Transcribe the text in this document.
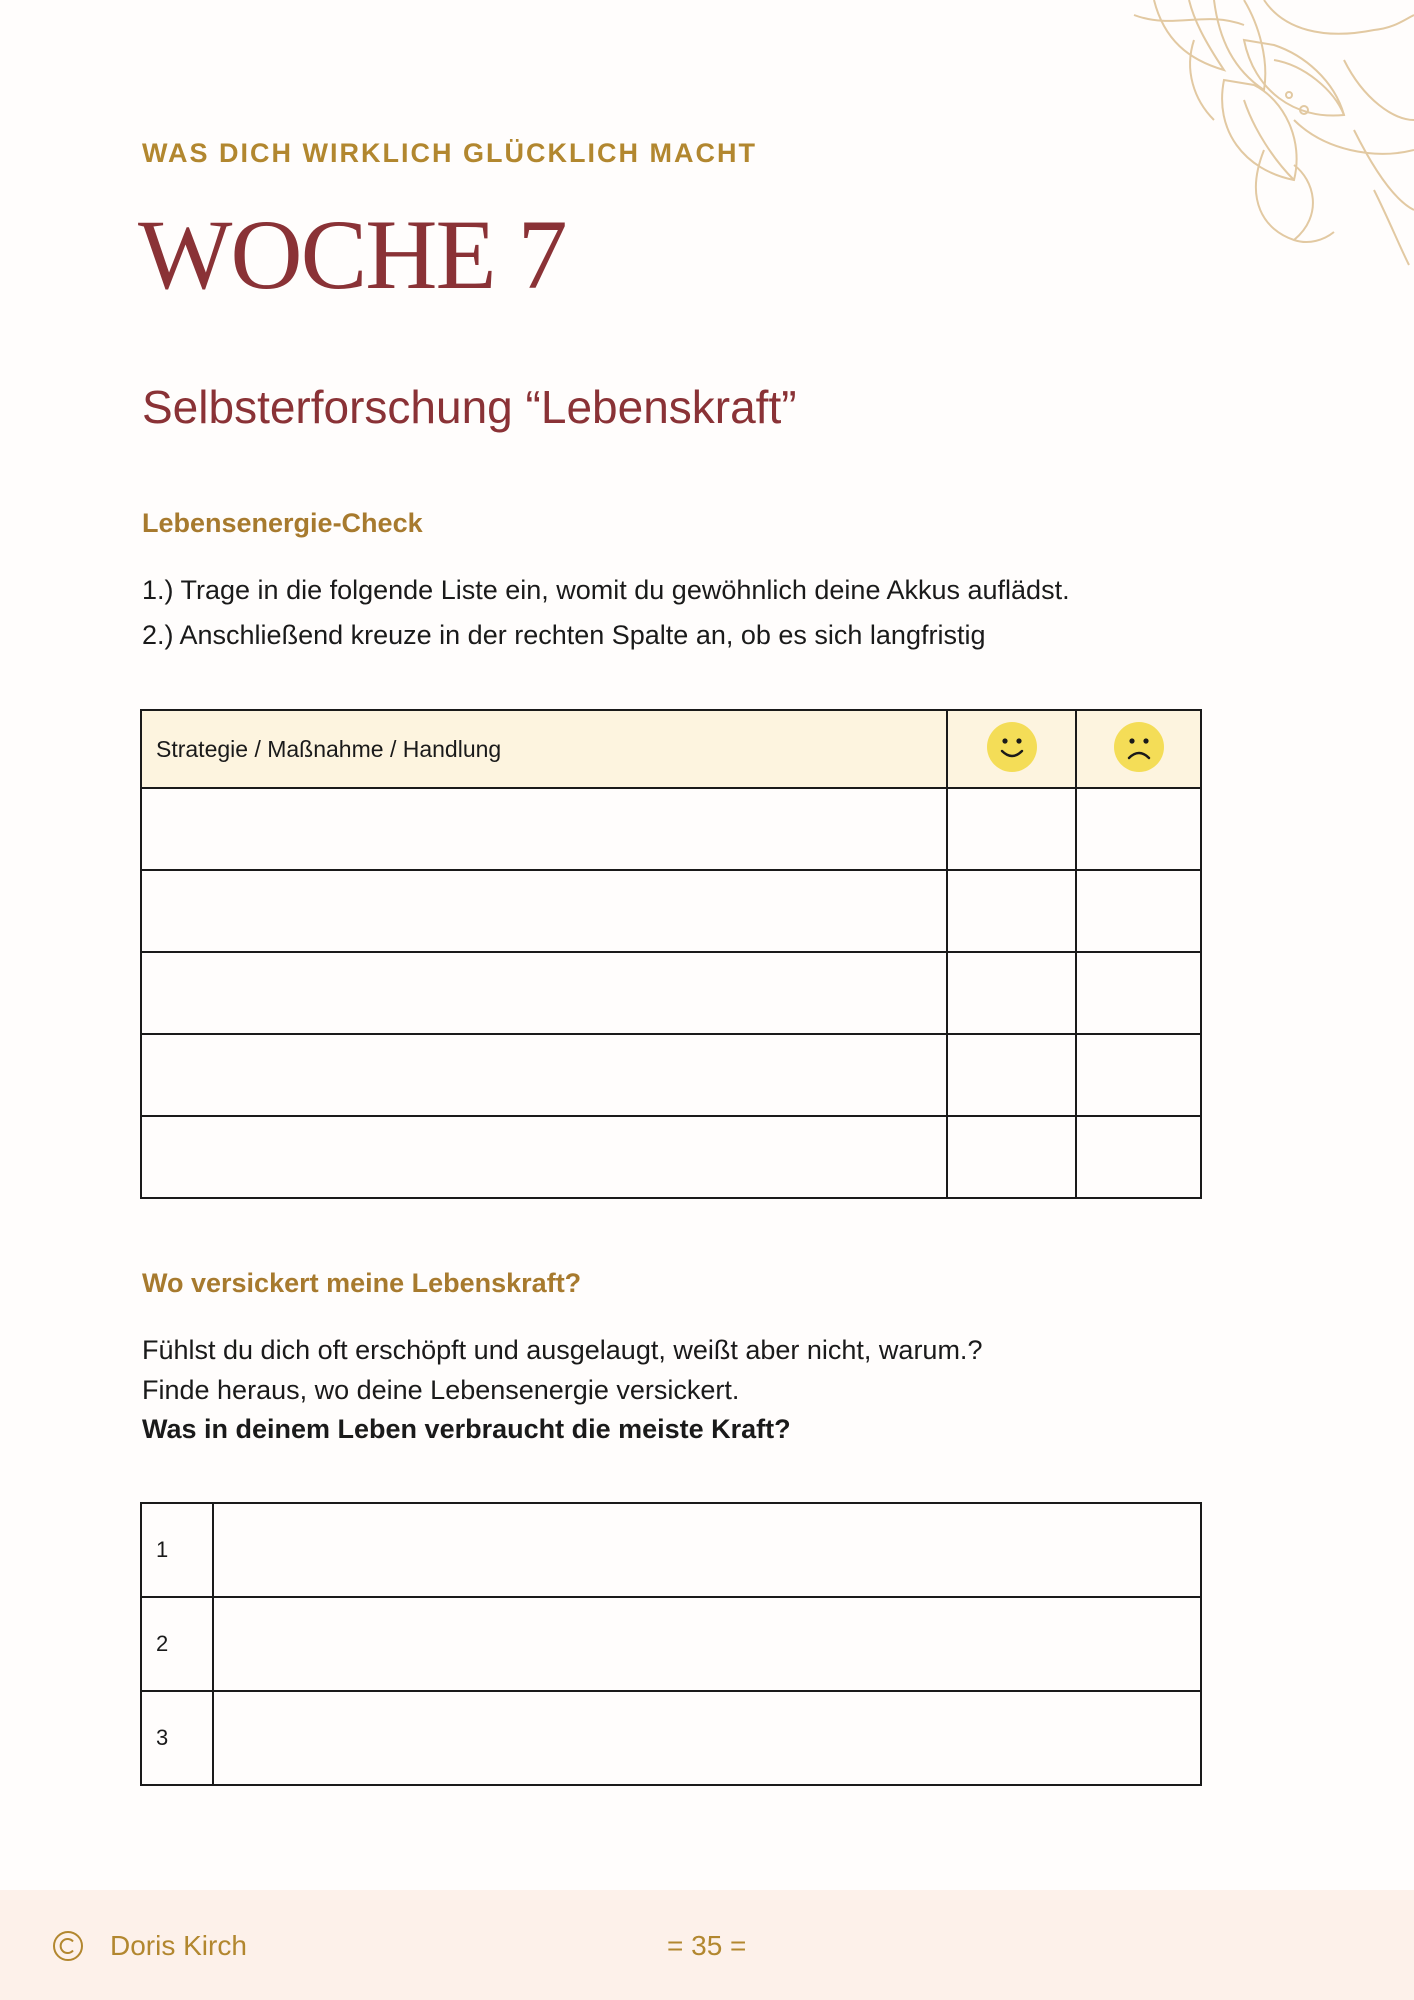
WAS DICH WIRKLICH GLÜCKLICH MACHT
WOCHE 7
Selbsterforschung “Lebenskraft”
Lebensenergie-Check
1.) Trage in die folgende Liste ein, womit du gewöhnlich deine Akkus auflädst.
2.) Anschließend kreuze in der rechten Spalte an, ob es sich langfristig
Strategie / Maßnahme / Handlung		

Wo versickert meine Lebenskraft?
Fühlst du dich oft erschöpft und ausgelaugt, weißt aber nicht, warum.?
Finde heraus, wo deine Lebensenergie versickert.
Was in deinem Leben verbraucht die meiste Kraft?
1	
2	
3	
Doris Kirch	= 35 =
